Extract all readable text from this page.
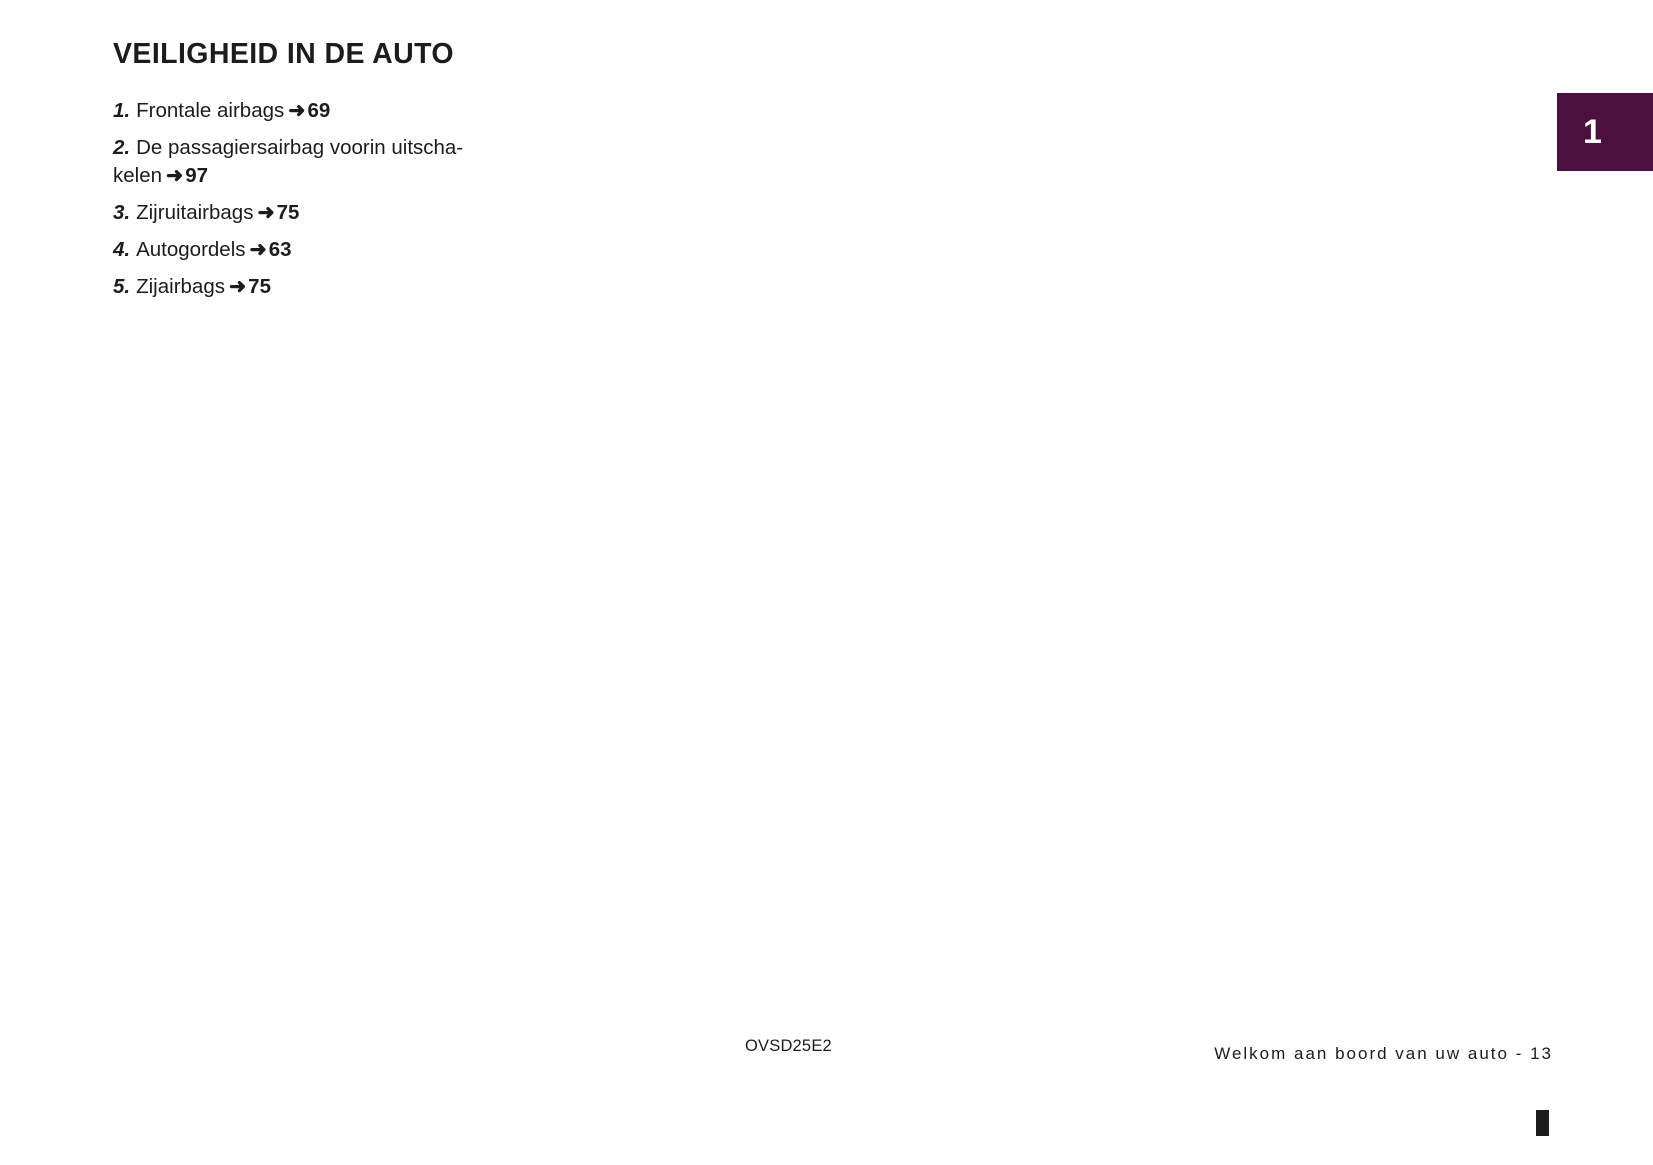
1
VEILIGHEID IN DE AUTO
1. Frontale airbags ➜69
2. De passagiersairbag voorin uitscha-kelen ➜97
3. Zijruitairbags ➜75
4. Autogordels ➜63
5. Zijairbags ➜75
OVSD25E2	Welkom aan boord van uw auto - 13
